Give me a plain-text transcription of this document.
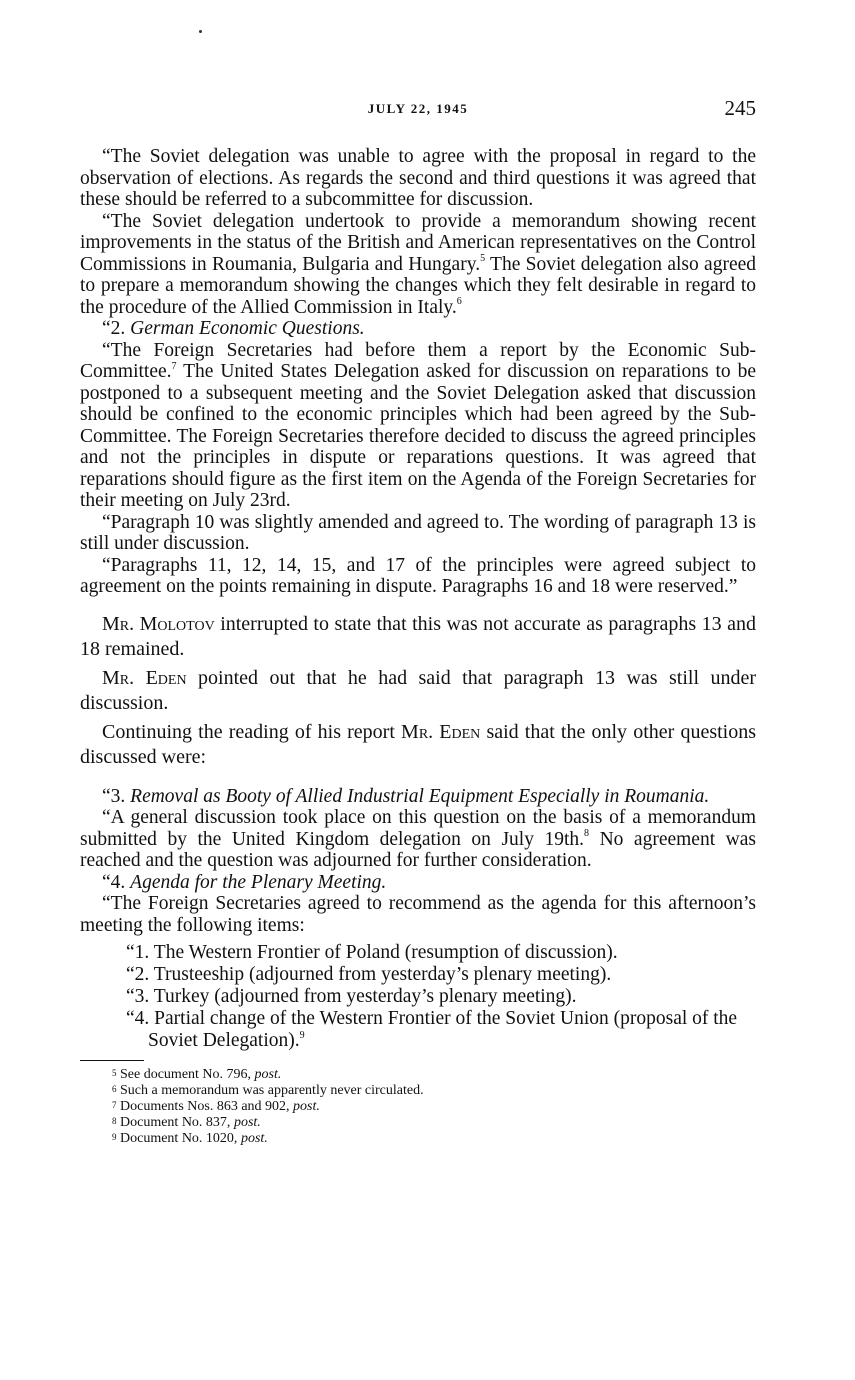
JULY 22, 1945	245

“The Soviet delegation was unable to agree with the proposal in regard to the observation of elections. As regards the second and third questions it was agreed that these should be referred to a subcommittee for discussion.

“The Soviet delegation undertook to provide a memorandum showing recent improvements in the status of the British and American representatives on the Control Commissions in Roumania, Bulgaria and Hungary.$^5$ The Soviet delegation also agreed to prepare a memorandum showing the changes which they felt desirable in regard to the procedure of the Allied Commission in Italy.$^6$

“2. German Economic Questions.

“The Foreign Secretaries had before them a report by the Economic Sub-Committee.$^7$ The United States Delegation asked for discussion on reparations to be postponed to a subsequent meeting and the Soviet Delegation asked that discussion should be confined to the economic principles which had been agreed by the Sub-Committee. The Foreign Secretaries therefore decided to discuss the agreed principles and not the principles in dispute or reparations questions. It was agreed that reparations should figure as the first item on the Agenda of the Foreign Secretaries for their meeting on July 23rd.

“Paragraph 10 was slightly amended and agreed to. The wording of paragraph 13 is still under discussion.

“Paragraphs 11, 12, 14, 15, and 17 of the principles were agreed subject to agreement on the points remaining in dispute. Paragraphs 16 and 18 were reserved.”

Mr. Molotov interrupted to state that this was not accurate as paragraphs 13 and 18 remained.

Mr. Eden pointed out that he had said that paragraph 13 was still under discussion.

Continuing the reading of his report Mr. Eden said that the only other questions discussed were:

“3. Removal as Booty of Allied Industrial Equipment Especially in Roumania.

“A general discussion took place on this question on the basis of a memorandum submitted by the United Kingdom delegation on July 19th.$^8$ No agreement was reached and the question was adjourned for further consideration.

“4. Agenda for the Plenary Meeting.

“The Foreign Secretaries agreed to recommend as the agenda for this afternoon’s meeting the following items:

“1. The Western Frontier of Poland (resumption of discussion).

“2. Trusteeship (adjourned from yesterday’s plenary meeting).

“3. Turkey (adjourned from yesterday’s plenary meeting).

“4. Partial change of the Western Frontier of the Soviet Union (proposal of the Soviet Delegation).$^9$

5 See document No. 796, post.
6 Such a memorandum was apparently never circulated.
7 Documents Nos. 863 and 902, post.
8 Document No. 837, post.
9 Document No. 1020, post.
